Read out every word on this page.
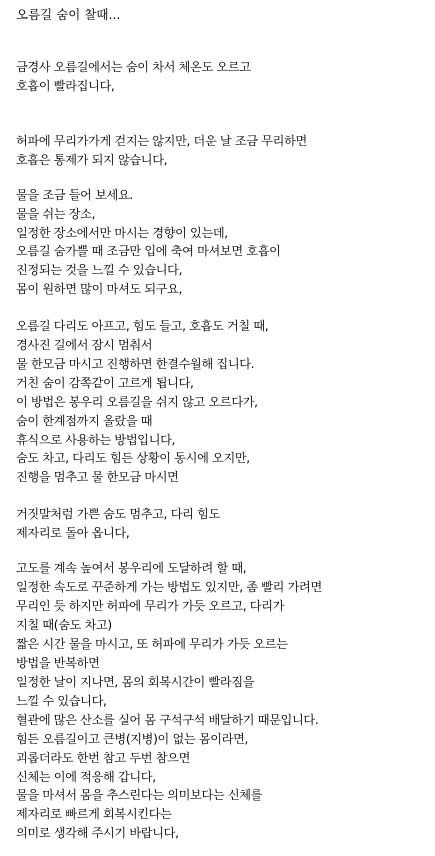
오름길 숨이 찰때...

금경사 오름길에서는 숨이 차서 체온도 오르고
호흡이 빨라집니다,
허파에 무리가가게 걷지는 않지만, 더운 날 조금 무리하면
호흡은 통제가 되지 않습니다,
물을 조금 들어 보세요.
물을 쉬는 장소,
일정한 장소에서만 마시는 경향이 있는데,
오름길 숨가쁠 때 조금만 입에 축여 마셔보면 호흡이
진정되는 것을 느낄 수 있습니다,
몸이 원하면 많이 마셔도 되구요,
오름길 다리도 아프고, 힘도 들고, 호흡도 거칠 때,
경사진 길에서 잠시 멈춰서
물 한모금 마시고 진행하면 한결수월해 집니다.
거친 숨이 감쪽같이 고르게 됩니다,
이 방법은 봉우리 오름길을 쉬지 않고 오르다가,
숨이 한계점까지 올랐을 때
휴식으로 사용하는 방법입니다,
숨도 차고, 다리도 힘든 상황이 동시에 오지만,
진행을 멈추고 물 한모금 마시면
거짓말처럼 가쁜 숨도 멈추고, 다리 힘도
제자리로 돌아 옵니다,
고도를 계속 높여서 봉우리에 도달하려 할 때,
일정한 속도로 꾸준하게 가는 방법도 있지만, 좀 빨리 가려면
무리인 듯 하지만 허파에 무리가 가듯 오르고, 다리가
지칠 때(숨도 차고)
짧은 시간 물을 마시고, 또 허파에 무리가 가듯 오르는
방법을 반복하면
일정한 날이 지나면, 몸의 회복시간이 빨라짐을
느낄 수 있습니다,
혈관에 많은 산소를 실어 몸 구석구석 배달하기 때문입니다.
힘든 오름길이고 큰병(지병)이 없는 몸이라면,
괴롭더라도 한번 참고 두번 참으면
신체는 이에 적응해 갑니다,
물을 마셔서 몸을 추스린다는 의미보다는 신체를
제자리로 빠르게 회복시킨다는
의미로 생각해 주시기 바랍니다,
